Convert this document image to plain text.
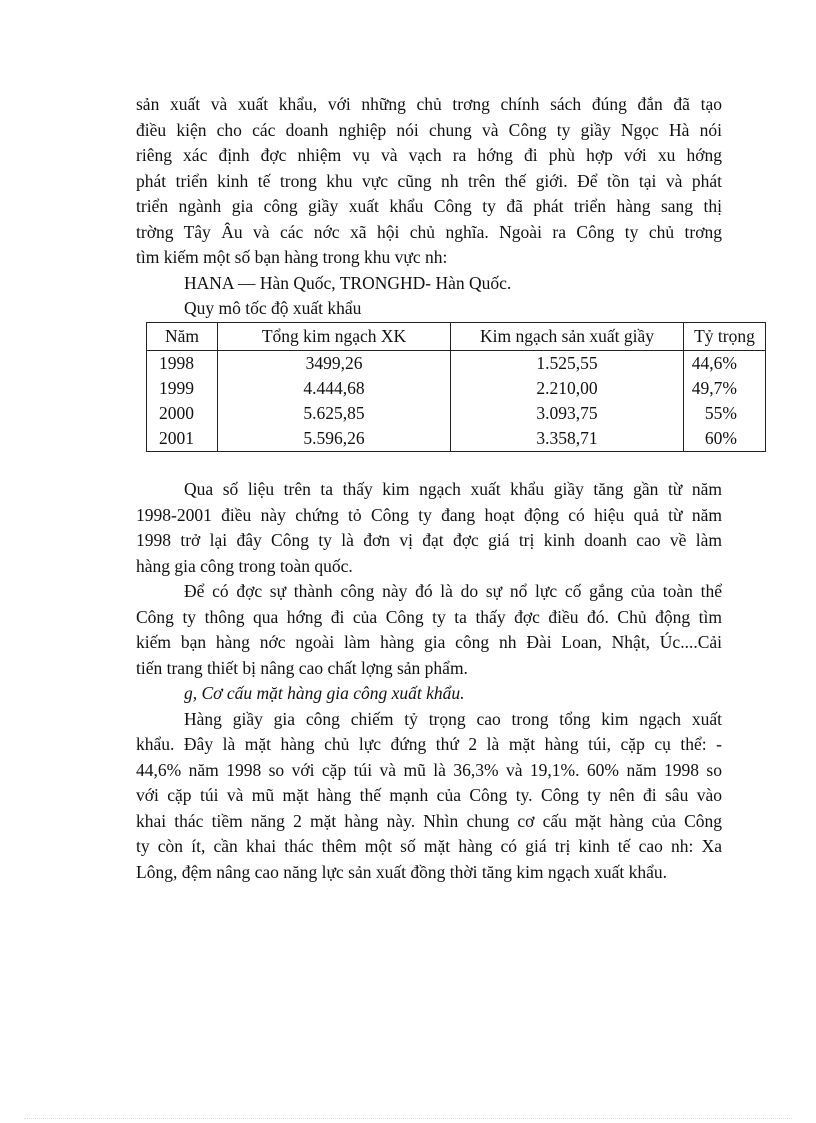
sản xuất và xuất khẩu, với những chủ trơng chính sách đúng đắn đã tạo
điều kiện cho các doanh nghiệp nói chung và Công ty giầy Ngọc Hà nói
riêng xác định đợc nhiệm vụ và vạch ra hớng đi phù hợp với xu hớng
phát triển kinh tế trong khu vực cũng nh trên thế giới. Để tồn tại và phát
triển ngành gia công giầy xuất khẩu Công ty đã phát triển hàng sang thị
trờng Tây Âu và các nớc xã hội chủ nghĩa. Ngoài ra Công ty chủ trơng
tìm kiếm một số bạn hàng trong khu vực nh:

HANA — Hàn Quốc, TRONGHD- Hàn Quốc.
Quy mô tốc độ xuất khẩu
Năm	Tổng kim ngạch XK	Kim ngạch sản xuất giầy	Tỷ trọng
1998	3499,26	1.525,55	44,6%
1999	4.444,68	2.210,00	49,7%
2000	5.625,85	3.093,75	55%
2001	5.596,26	3.358,71	60%

Qua số liệu trên ta thấy kim ngạch xuất khẩu giầy tăng gần từ năm
1998-2001 điều này chứng tỏ Công ty đang hoạt động có hiệu quả từ năm
1998 trở lại đây Công ty là đơn vị đạt đợc giá trị kinh doanh cao về làm
hàng gia công trong toàn quốc.

Để có đợc sự thành công này đó là do sự nổ lực cố gắng của toàn thể
Công ty thông qua hớng đi của Công ty ta thấy đợc điều đó. Chủ động tìm
kiếm bạn hàng nớc ngoài làm hàng gia công nh Đài Loan, Nhật, Úc....Cải
tiến trang thiết bị nâng cao chất lợng sản phẩm.

g, Cơ cấu mặt hàng gia công xuất khẩu.

Hàng giầy gia công chiếm tỷ trọng cao trong tổng kim ngạch xuất
khẩu. Đây là mặt hàng chủ lực đứng thứ 2 là mặt hàng túi, cặp cụ thể: -
44,6% năm 1998 so với cặp túi và mũ là 36,3% và 19,1%. 60% năm 1998 so
với cặp túi và mũ mặt hàng thế mạnh của Công ty. Công ty nên đi sâu vào
khai thác tiềm năng 2 mặt hàng này. Nhìn chung cơ cấu mặt hàng của Công
ty còn ít, cần khai thác thêm một số mặt hàng có giá trị kinh tế cao nh: Xa
Lông, đệm nâng cao năng lực sản xuất đồng thời tăng kim ngạch xuất khẩu.
